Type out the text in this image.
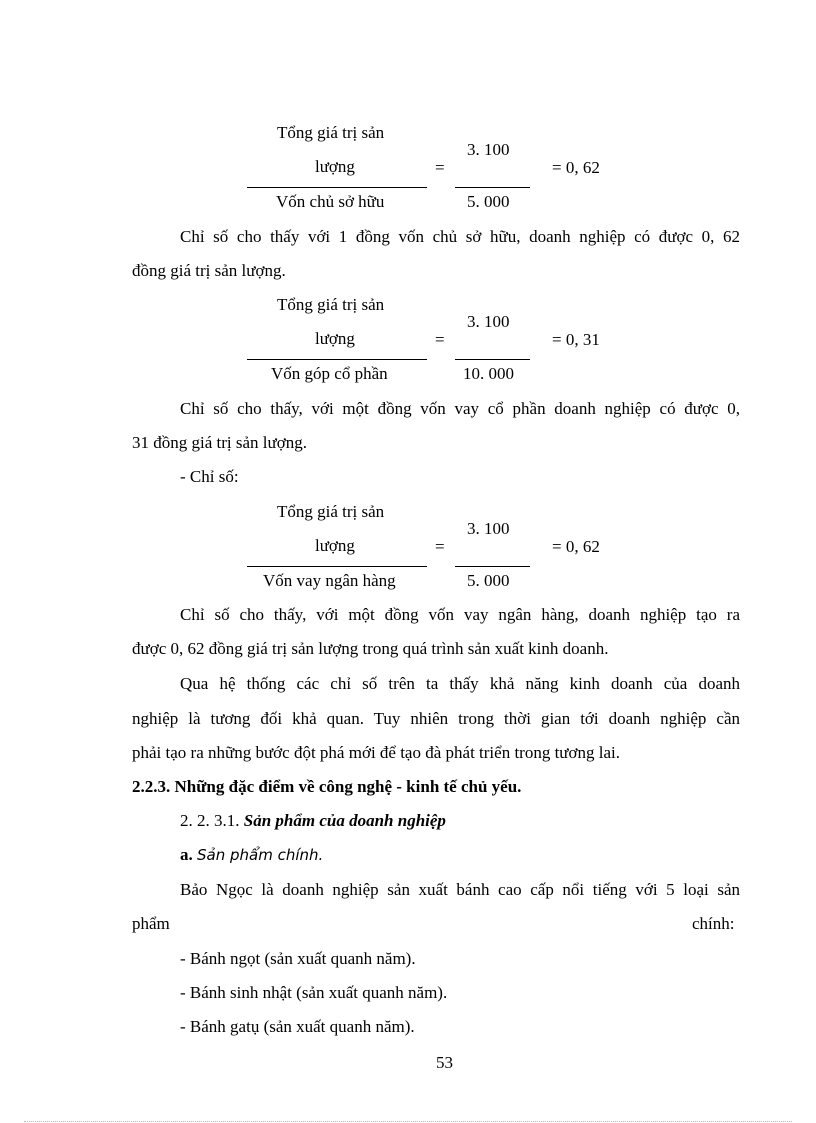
Tổng giá trị sản
lượng
Vốn chủ sở hữu
=
3. 100
5. 000
= 0, 62
Chỉ số cho thấy với 1 đồng vốn chủ sở hữu, doanh nghiệp có được 0, 62
đồng giá trị sản lượng.
Tổng giá trị sản
lượng
Vốn góp cổ phần
=
3. 100
10. 000
= 0, 31
Chỉ số cho thấy, với một đồng vốn vay cổ phần doanh nghiệp có được 0,
31 đồng giá trị sản lượng.
- Chỉ số:
Tổng giá trị sản
lượng
Vốn vay ngân hàng
=
3. 100
5. 000
= 0, 62
Chỉ số cho thấy, với một đồng vốn vay ngân hàng, doanh nghiệp tạo ra
được 0, 62 đồng giá trị sản lượng trong quá trình sản xuất kinh doanh.
Qua hệ thống các chỉ số trên ta thấy khả năng kinh doanh của doanh
nghiệp là tương đối khả quan. Tuy nhiên trong thời gian tới doanh nghiệp cần
phải tạo ra những bước đột phá mới để tạo đà phát triển trong tương lai.
2.2.3. Những đặc điểm về công nghệ - kinh tế chủ yếu.
2. 2. 3.1. Sản phẩm của doanh nghiệp
a. Sản phẩm chính.
Bảo Ngọc là doanh nghiệp sản xuất bánh cao cấp nổi tiếng với 5 loại sản
phẩm	chính:
- Bánh ngọt (sản xuất quanh năm).
- Bánh sinh nhật (sản xuất quanh năm).
- Bánh gatụ (sản xuất quanh năm).
53
